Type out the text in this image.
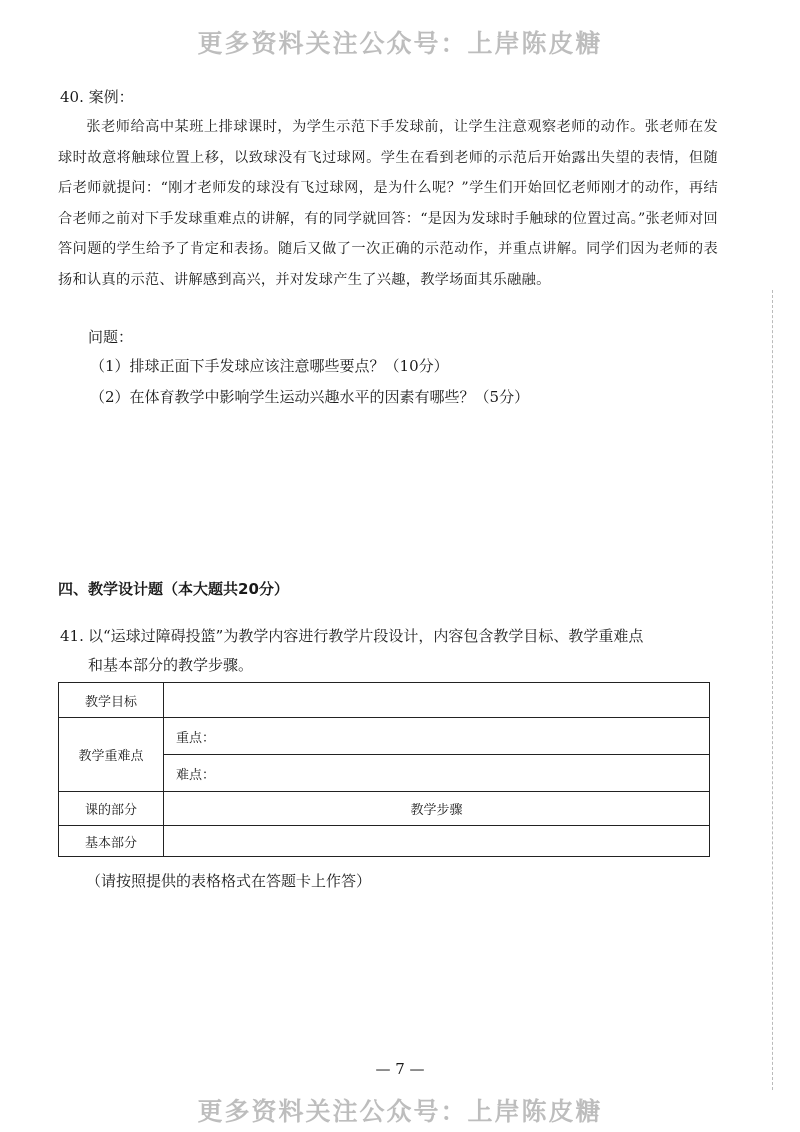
更多资料关注公众号：上岸陈皮糖
40. 案例：
张老师给高中某班上排球课时，为学生示范下手发球前，让学生注意观察老师的动作。张老师在发球时故意将触球位置上移，以致球没有飞过球网。学生在看到老师的示范后开始露出失望的表情，但随后老师就提问：“刚才老师发的球没有飞过球网，是为什么呢？”学生们开始回忆老师刚才的动作，再结合老师之前对下手发球重难点的讲解，有的同学就回答：“是因为发球时手触球的位置过高。”张老师对回答问题的学生给予了肯定和表扬。随后又做了一次正确的示范动作，并重点讲解。同学们因为老师的表扬和认真的示范、讲解感到高兴，并对发球产生了兴趣，教学场面其乐融融。
问题：
（1）排球正面下手发球应该注意哪些要点？（10分）
（2）在体育教学中影响学生运动兴趣水平的因素有哪些？（5分）
四、教学设计题（本大题共20分）
41. 以“运球过障碍投篮”为教学内容进行教学片段设计，内容包含教学目标、教学重难点
和基本部分的教学步骤。
教学目标	
教学重难点	重点：
难点：

课的部分	教学步骤
基本部分	
（请按照提供的表格格式在答题卡上作答）
— 7 —
更多资料关注公众号：上岸陈皮糖
